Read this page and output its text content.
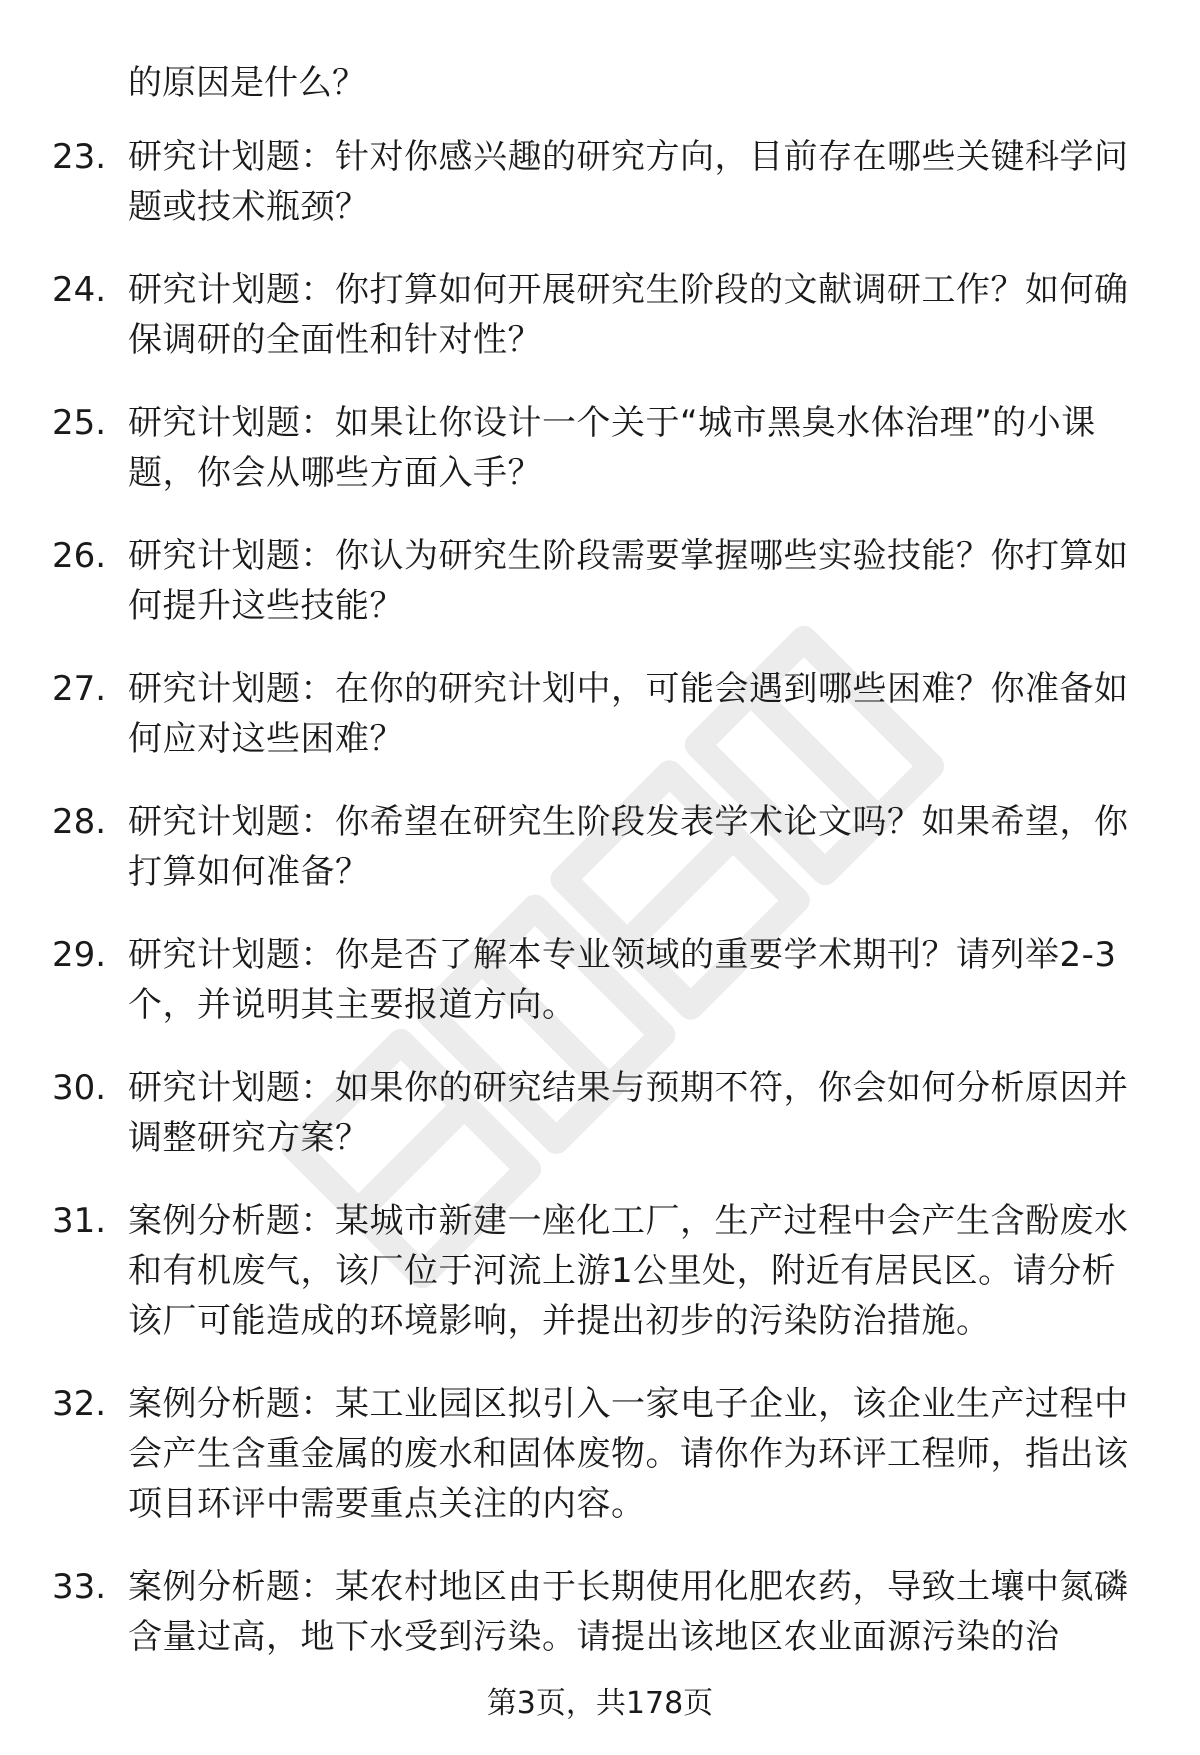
的原因是什么？

23. 研究计划题：针对你感兴趣的研究方向，目前存在哪些关键科学问题或技术瓶颈？
24. 研究计划题：你打算如何开展研究生阶段的文献调研工作？如何确保调研的全面性和针对性？
25. 研究计划题：如果让你设计一个关于“城市黑臭水体治理”的小课题，你会从哪些方面入手？
26. 研究计划题：你认为研究生阶段需要掌握哪些实验技能？你打算如何提升这些技能？
27. 研究计划题：在你的研究计划中，可能会遇到哪些困难？你准备如何应对这些困难？
28. 研究计划题：你希望在研究生阶段发表学术论文吗？如果希望，你打算如何准备？
29. 研究计划题：你是否了解本专业领域的重要学术期刊？请列举2-3个，并说明其主要报道方向。
30. 研究计划题：如果你的研究结果与预期不符，你会如何分析原因并调整研究方案？
31. 案例分析题：某城市新建一座化工厂，生产过程中会产生含酚废水和有机废气，该厂位于河流上游1公里处，附近有居民区。请分析该厂可能造成的环境影响，并提出初步的污染防治措施。
32. 案例分析题：某工业园区拟引入一家电子企业，该企业生产过程中会产生含重金属的废水和固体废物。请你作为环评工程师，指出该项目环评中需要重点关注的内容。
33. 案例分析题：某农村地区由于长期使用化肥农药，导致土壤中氮磷含量过高，地下水受到污染。请提出该地区农业面源污染的治
第3页，共178页
